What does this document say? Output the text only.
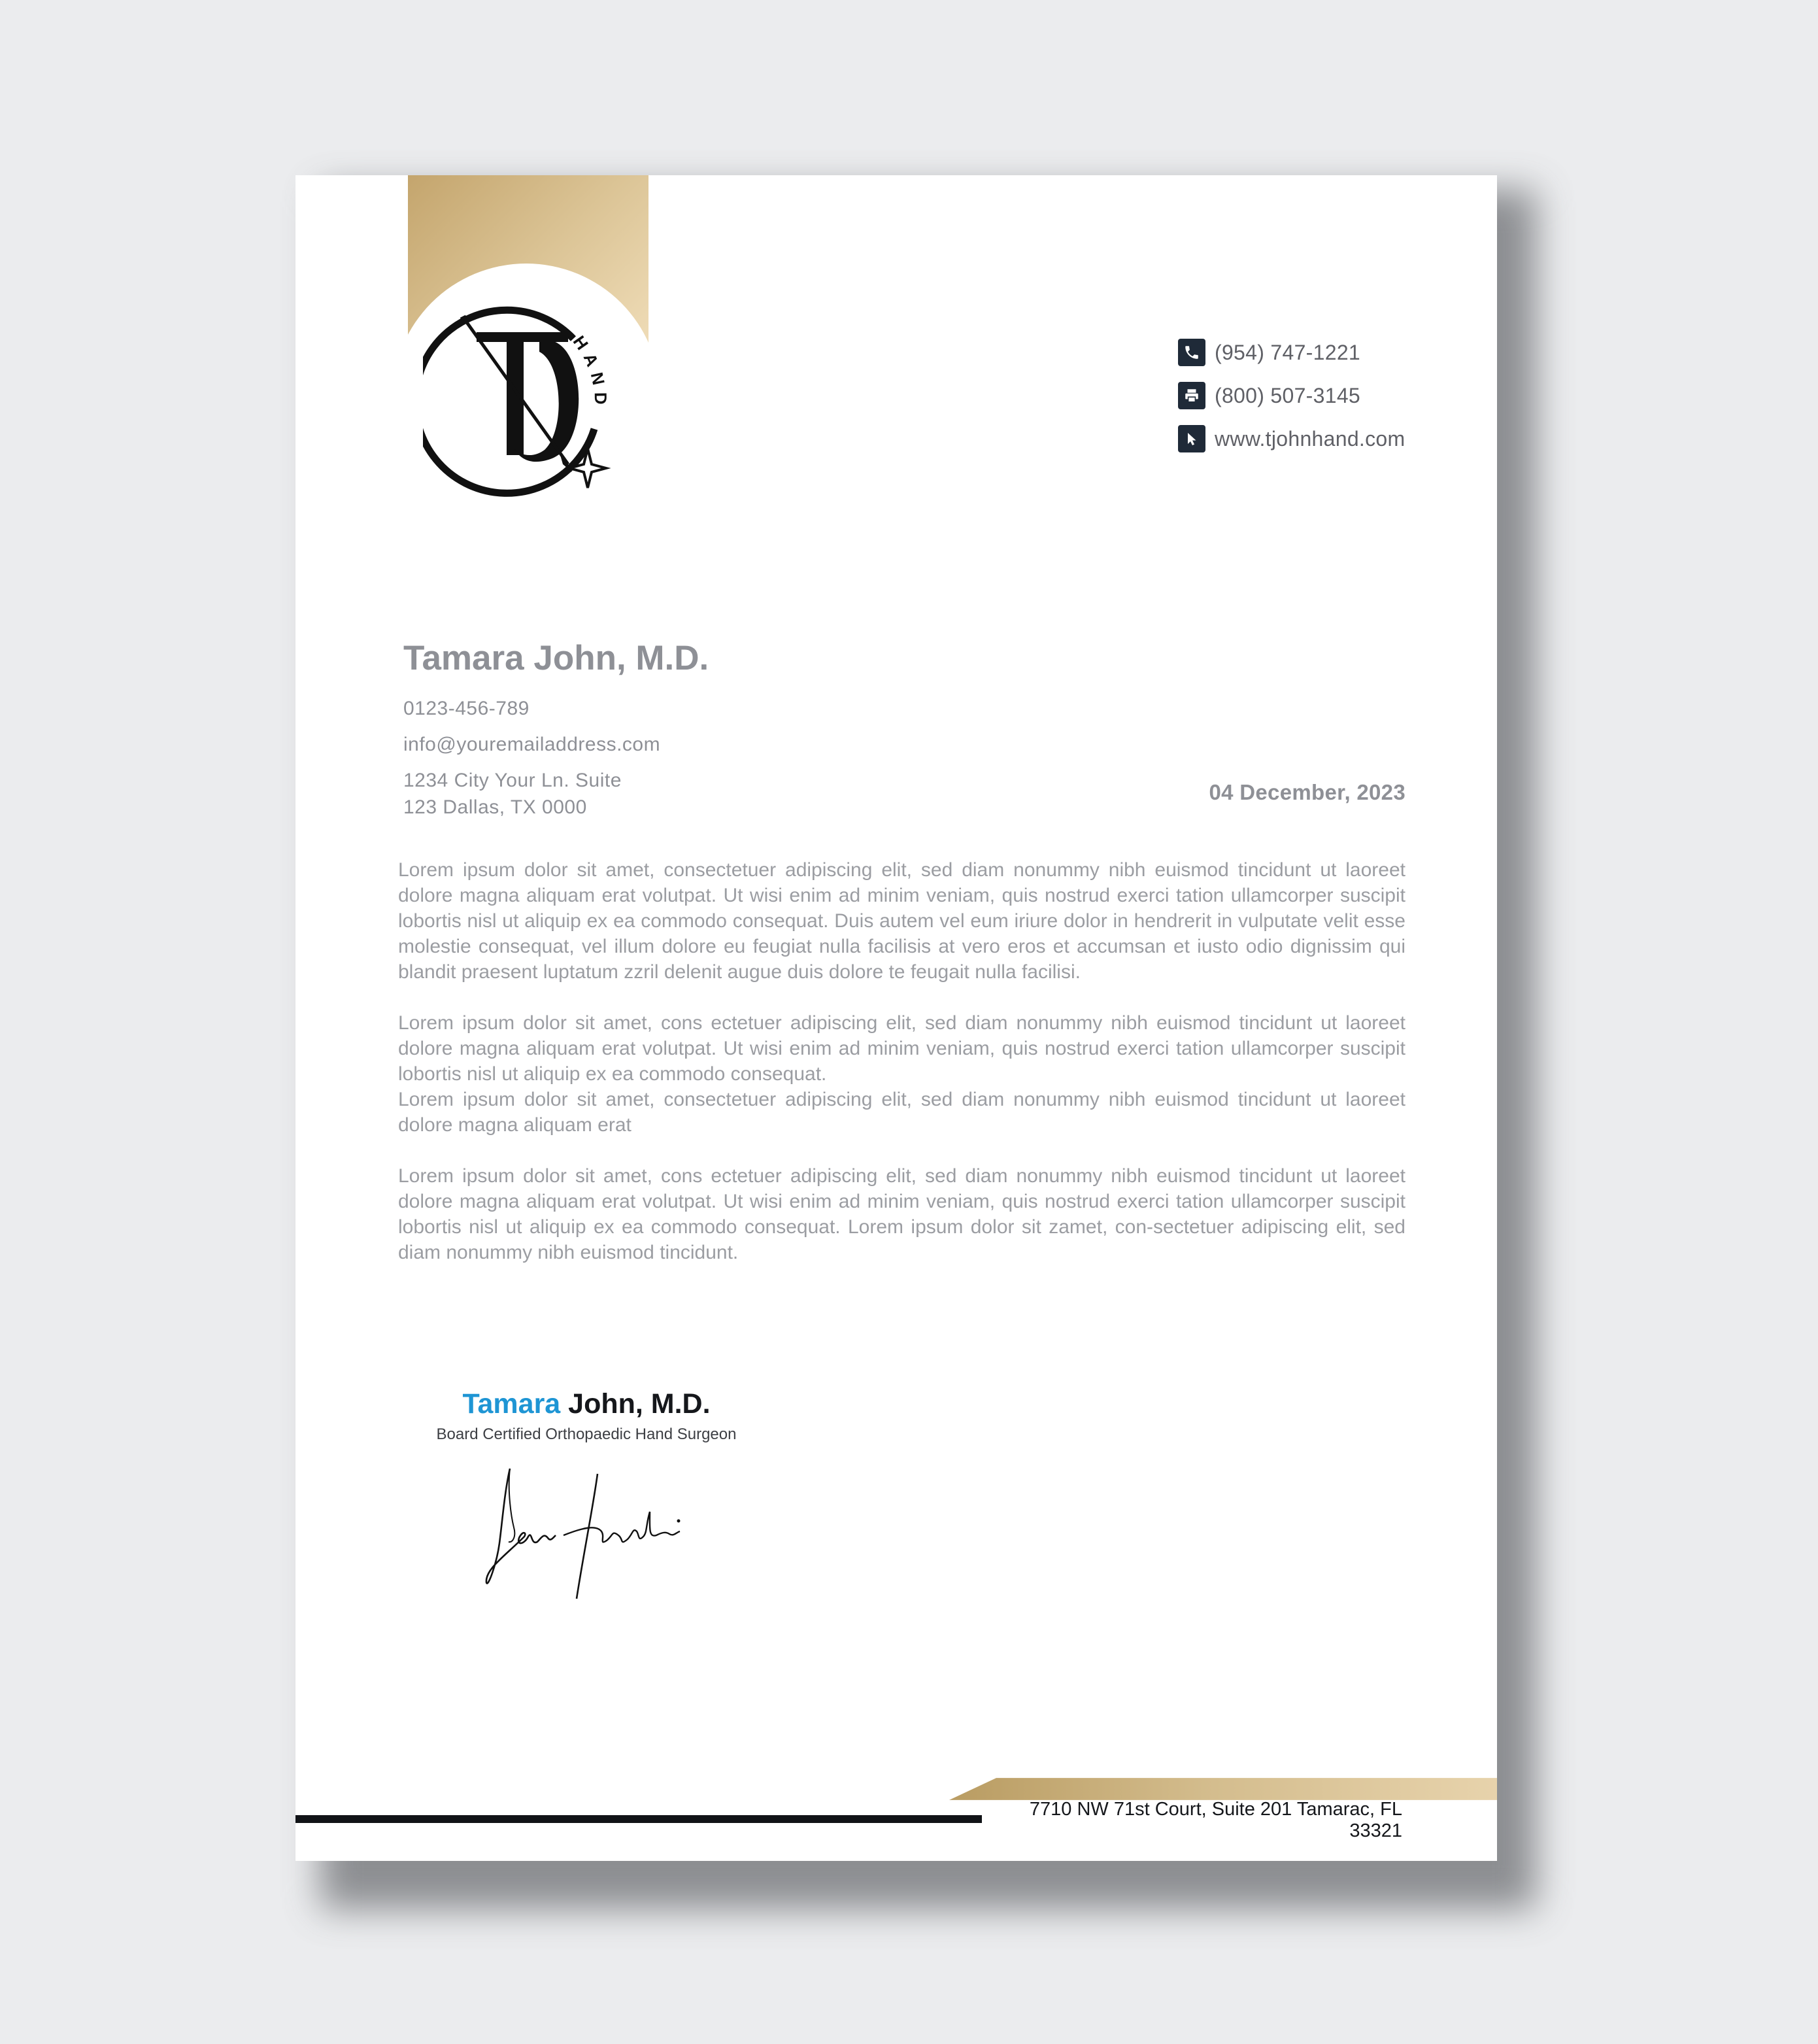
HAND
(954) 747-1221
(800) 507-3145
www.tjohnhand.com
Tamara John, M.D.
0123-456-789
info@youremailaddress.com
1234 City Your Ln. Suite
123 Dallas, TX 0000
04 December, 2023

Lorem ipsum dolor sit amet, consectetuer adipiscing elit, sed diam nonummy nibh euismod tincidunt ut laoreet dolore magna aliquam erat volutpat. Ut wisi enim ad minim veniam, quis nostrud exerci tation ullamcorper suscipit lobortis nisl ut aliquip ex ea commodo consequat. Duis autem vel eum iriure dolor in hendrerit in vulputate velit esse molestie consequat, vel illum dolore eu feugiat nulla facilisis at vero eros et accumsan et iusto odio dignissim qui blandit praesent luptatum zzril delenit augue duis dolore te feugait nulla facilisi.

Lorem ipsum dolor sit amet, cons ectetuer adipiscing elit, sed diam nonummy nibh euismod tincidunt ut laoreet dolore magna aliquam erat volutpat. Ut wisi enim ad minim veniam, quis nostrud exerci tation ullamcorper suscipit lobortis nisl ut aliquip ex ea commodo consequat.

Lorem ipsum dolor sit amet, consectetuer adipiscing elit, sed diam nonummy nibh euismod tincidunt ut laoreet dolore magna aliquam erat

Lorem ipsum dolor sit amet, cons ectetuer adipiscing elit, sed diam nonummy nibh euismod tincidunt ut laoreet dolore magna aliquam erat volutpat. Ut wisi enim ad minim veniam, quis nostrud exerci tation ullamcorper suscipit lobortis nisl ut aliquip ex ea commodo consequat. Lorem ipsum dolor sit zamet, con-sectetuer adipiscing elit, sed diam nonummy nibh euismod tincidunt.

Tamara John, M.D.
Board Certified Orthopaedic Hand Surgeon
7710 NW 71st Court, Suite 201 Tamarac, FL 33321
